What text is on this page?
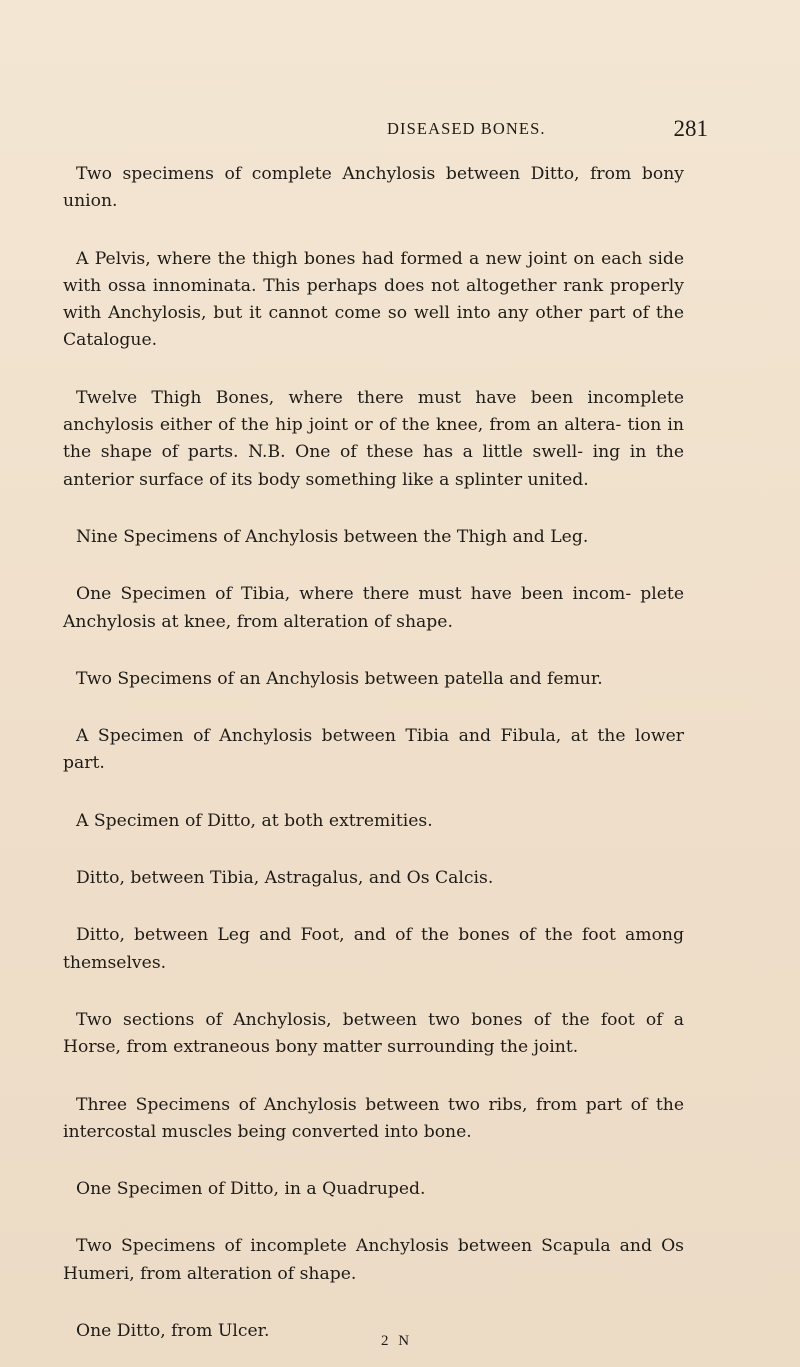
DISEASED BONES.	281

Two specimens of complete Anchylosis between Ditto, from bony union.

A Pelvis, where the thigh bones had formed a new joint on each side with ossa innominata. This perhaps does not altogether rank properly with Anchylosis, but it cannot come so well into any other part of the Catalogue.

Twelve Thigh Bones, where there must have been incomplete anchylosis either of the hip joint or of the knee, from an altera- tion in the shape of parts. N.B. One of these has a little swell- ing in the anterior surface of its body something like a splinter united.

Nine Specimens of Anchylosis between the Thigh and Leg.

One Specimen of Tibia, where there must have been incom- plete Anchylosis at knee, from alteration of shape.

Two Specimens of an Anchylosis between patella and femur.

A Specimen of Anchylosis between Tibia and Fibula, at the lower part.

A Specimen of Ditto, at both extremities.

Ditto, between Tibia, Astragalus, and Os Calcis.

Ditto, between Leg and Foot, and of the bones of the foot among themselves.

Two sections of Anchylosis, between two bones of the foot of a Horse, from extraneous bony matter surrounding the joint.

Three Specimens of Anchylosis between two ribs, from part of the intercostal muscles being converted into bone.

One Specimen of Ditto, in a Quadruped.

Two Specimens of incomplete Anchylosis between Scapula and Os Humeri, from alteration of shape.

One Ditto, from Ulcer.	2 N
